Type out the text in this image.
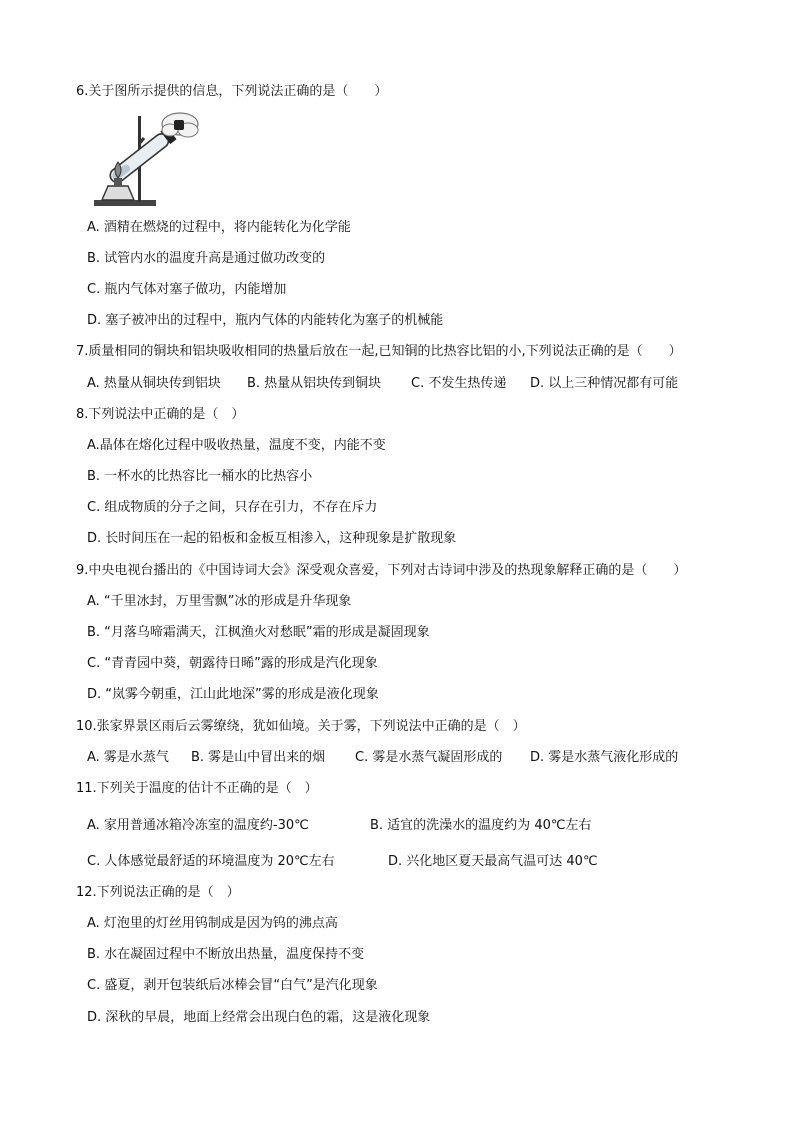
6.关于图所示提供的信息，下列说法正确的是（　　）
A. 酒精在燃烧的过程中，将内能转化为化学能
B. 试管内水的温度升高是通过做功改变的
C. 瓶内气体对塞子做功，内能增加
D. 塞子被冲出的过程中，瓶内气体的内能转化为塞子的机械能
7.质量相同的铜块和铝块吸收相同的热量后放在一起,已知铜的比热容比铝的小,下列说法正确的是（　　）
A. 热量从铜块传到铝块 B. 热量从铝块传到铜块 C. 不发生热传递 D. 以上三种情况都有可能
8.下列说法中正确的是（　）
A.晶体在熔化过程中吸收热量，温度不变，内能不变
B. 一杯水的比热容比一桶水的比热容小
C. 组成物质的分子之间，只存在引力，不存在斥力
D. 长时间压在一起的铅板和金板互相渗入，这种现象是扩散现象
9.中央电视台播出的《中国诗词大会》深受观众喜爱，下列对古诗词中涉及的热现象解释正确的是（　　）
A. “千里冰封，万里雪飘”冰的形成是升华现象
B. “月落乌啼霜满天，江枫渔火对愁眠”霜的形成是凝固现象
C. “青青园中葵，朝露待日晞”露的形成是汽化现象
D. “岚雾今朝重，江山此地深”雾的形成是液化现象
10.张家界景区雨后云雾缭绕，犹如仙境。关于雾，下列说法中正确的是（　）
A. 雾是水蒸气 B. 雾是山中冒出来的烟 C. 雾是水蒸气凝固形成的 D. 雾是水蒸气液化形成的
11.下列关于温度的估计不正确的是（　）
A. 家用普通冰箱冷冻室的温度约-30℃	B. 适宜的洗澡水的温度约为 40℃左右
C. 人体感觉最舒适的环境温度为 20℃左右	D. 兴化地区夏天最高气温可达 40℃
12.下列说法正确的是（　）
A. 灯泡里的灯丝用钨制成是因为钨的沸点高
B. 水在凝固过程中不断放出热量，温度保持不变
C. 盛夏，剥开包装纸后冰棒会冒“白气”是汽化现象
D. 深秋的早晨，地面上经常会出现白色的霜，这是液化现象
